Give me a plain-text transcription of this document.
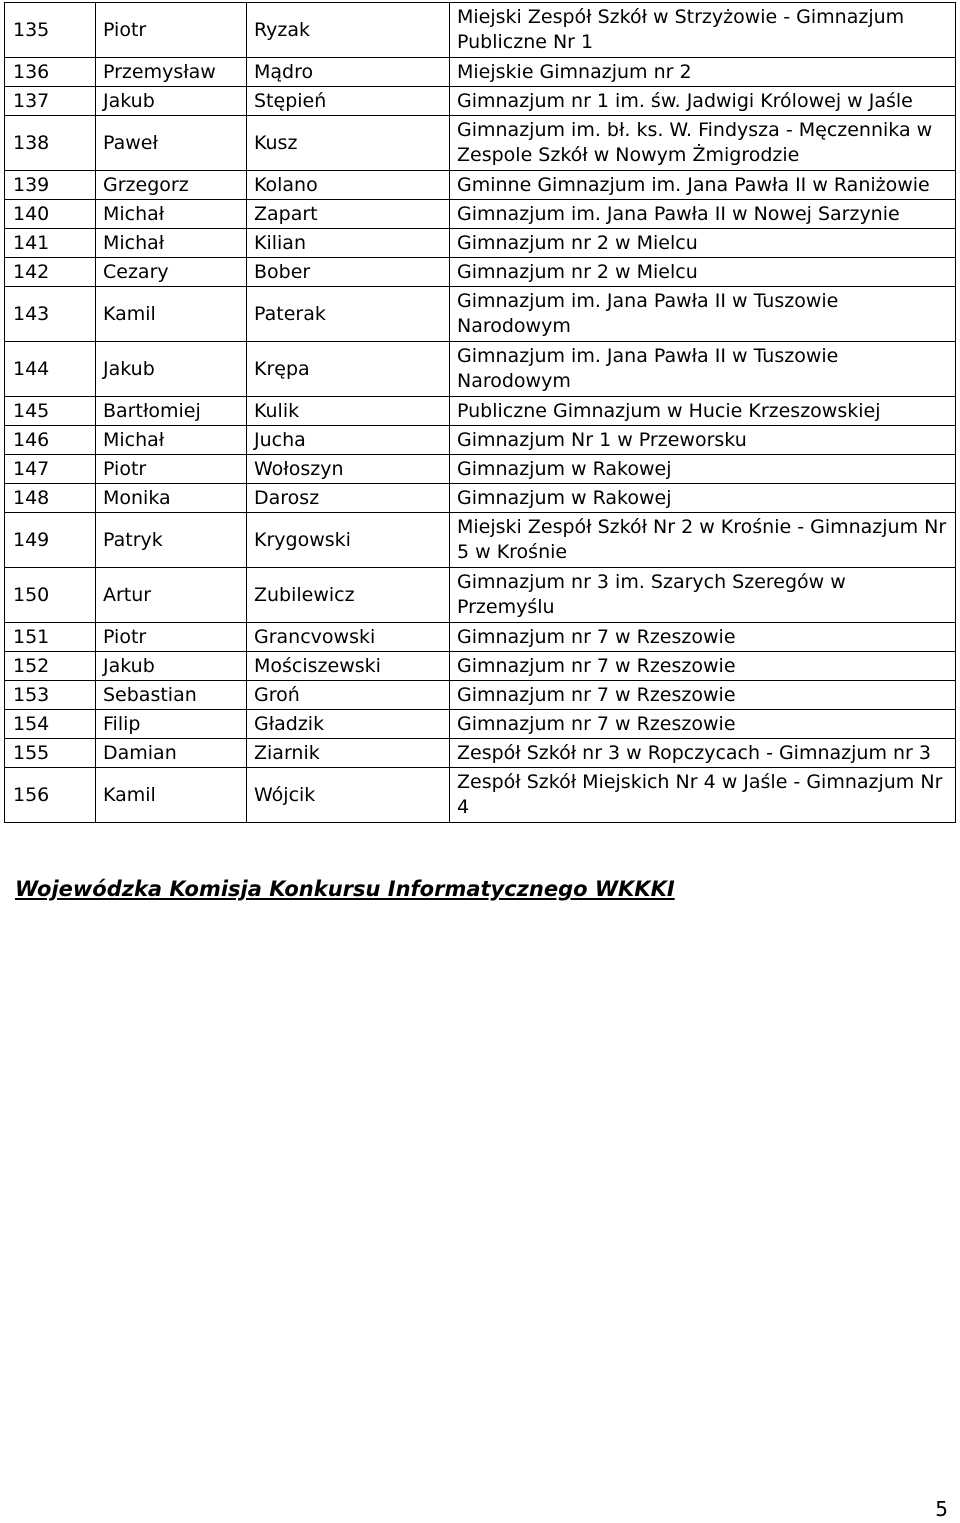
135	Piotr	Ryzak	Miejski Zespół Szkół w Strzyżowie - Gimnazjum Publiczne Nr 1
136	Przemysław	Mądro	Miejskie Gimnazjum nr 2
137	Jakub	Stępień	Gimnazjum nr 1 im. św. Jadwigi Królowej w Jaśle
138	Paweł	Kusz	Gimnazjum im. bł. ks. W. Findysza - Męczennika w Zespole Szkół w Nowym Żmigrodzie
139	Grzegorz	Kolano	Gminne Gimnazjum im. Jana Pawła II w Raniżowie
140	Michał	Zapart	Gimnazjum im. Jana Pawła II w Nowej Sarzynie
141	Michał	Kilian	Gimnazjum nr 2 w Mielcu
142	Cezary	Bober	Gimnazjum nr 2 w Mielcu
143	Kamil	Paterak	Gimnazjum im. Jana Pawła II w Tuszowie Narodowym
144	Jakub	Krępa	Gimnazjum im. Jana Pawła II w Tuszowie Narodowym
145	Bartłomiej	Kulik	Publiczne Gimnazjum w Hucie Krzeszowskiej
146	Michał	Jucha	Gimnazjum Nr 1 w Przeworsku
147	Piotr	Wołoszyn	Gimnazjum w Rakowej
148	Monika	Darosz	Gimnazjum w Rakowej
149	Patryk	Krygowski	Miejski Zespół Szkół Nr 2 w Krośnie - Gimnazjum Nr 5 w Krośnie
150	Artur	Zubilewicz	Gimnazjum nr 3 im. Szarych Szeregów w Przemyślu
151	Piotr	Grancvowski	Gimnazjum nr 7 w Rzeszowie
152	Jakub	Mościszewski	Gimnazjum nr 7 w Rzeszowie
153	Sebastian	Groń	Gimnazjum nr 7 w Rzeszowie
154	Filip	Gładzik	Gimnazjum nr 7 w Rzeszowie
155	Damian	Ziarnik	Zespół Szkół nr 3 w Ropczycach - Gimnazjum nr 3
156	Kamil	Wójcik	Zespół Szkół Miejskich Nr 4 w Jaśle - Gimnazjum Nr 4
Wojewódzka Komisja Konkursu Informatycznego WKKKI
5
